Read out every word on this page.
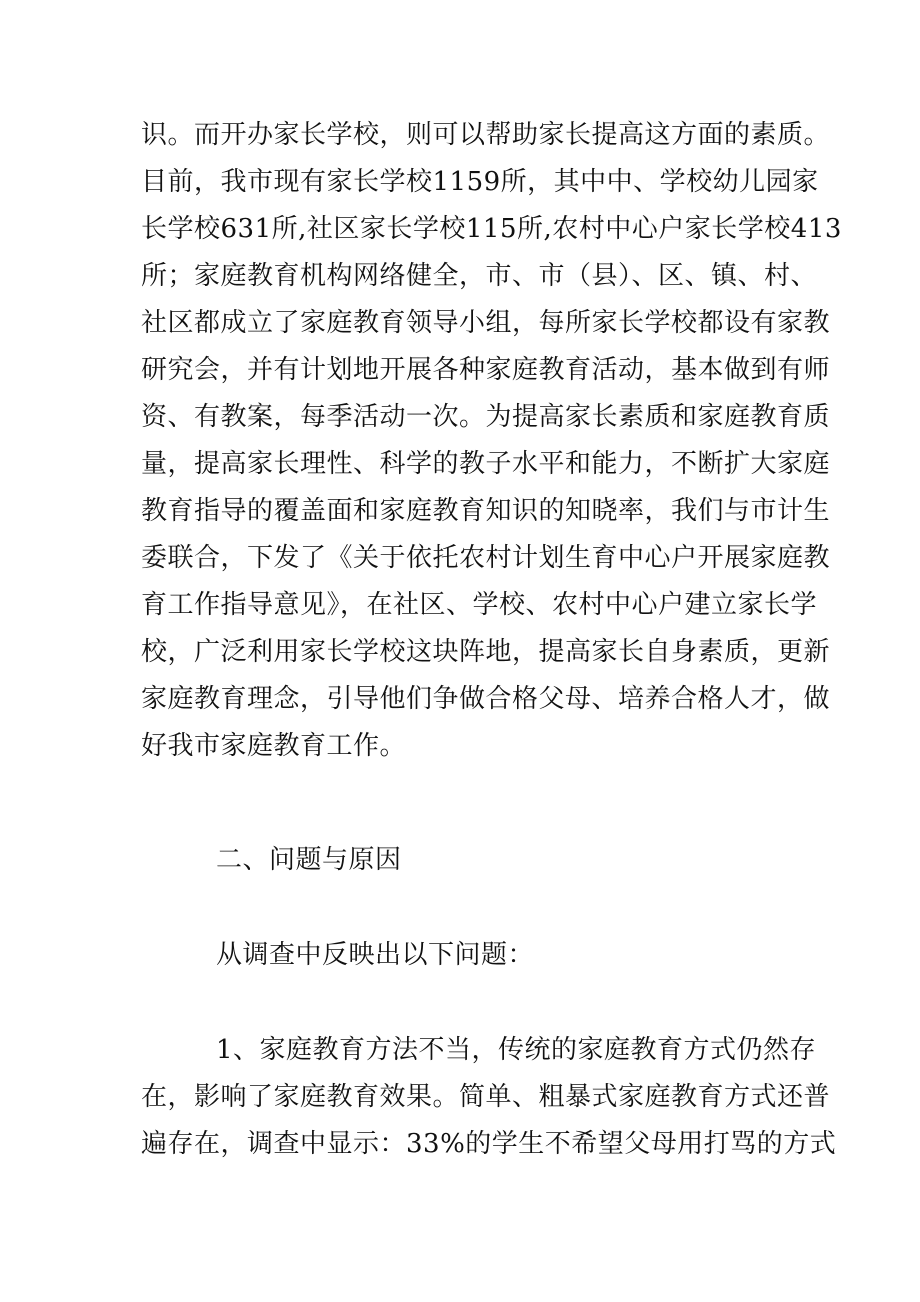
识。而开办家长学校，则可以帮助家长提高这方面的素质。
目前，我市现有家长学校1159所，其中中、学校幼儿园家
长学校631所,社区家长学校115所,农村中心户家长学校413
所；家庭教育机构网络健全，市、市（县）、区、镇、村、
社区都成立了家庭教育领导小组，每所家长学校都设有家教
研究会，并有计划地开展各种家庭教育活动，基本做到有师
资、有教案，每季活动一次。为提高家长素质和家庭教育质
量，提高家长理性、科学的教子水平和能力，不断扩大家庭
教育指导的覆盖面和家庭教育知识的知晓率，我们与市计生
委联合，下发了《关于依托农村计划生育中心户开展家庭教
育工作指导意见》，在社区、学校、农村中心户建立家长学
校，广泛利用家长学校这块阵地，提高家长自身素质，更新
家庭教育理念，引导他们争做合格父母、培养合格人才，做
好我市家庭教育工作。
二、问题与原因
从调查中反映出以下问题：
1、家庭教育方法不当，传统的家庭教育方式仍然存
在，影响了家庭教育效果。简单、粗暴式家庭教育方式还普
遍存在，调查中显示：33%的学生不希望父母用打骂的方式
